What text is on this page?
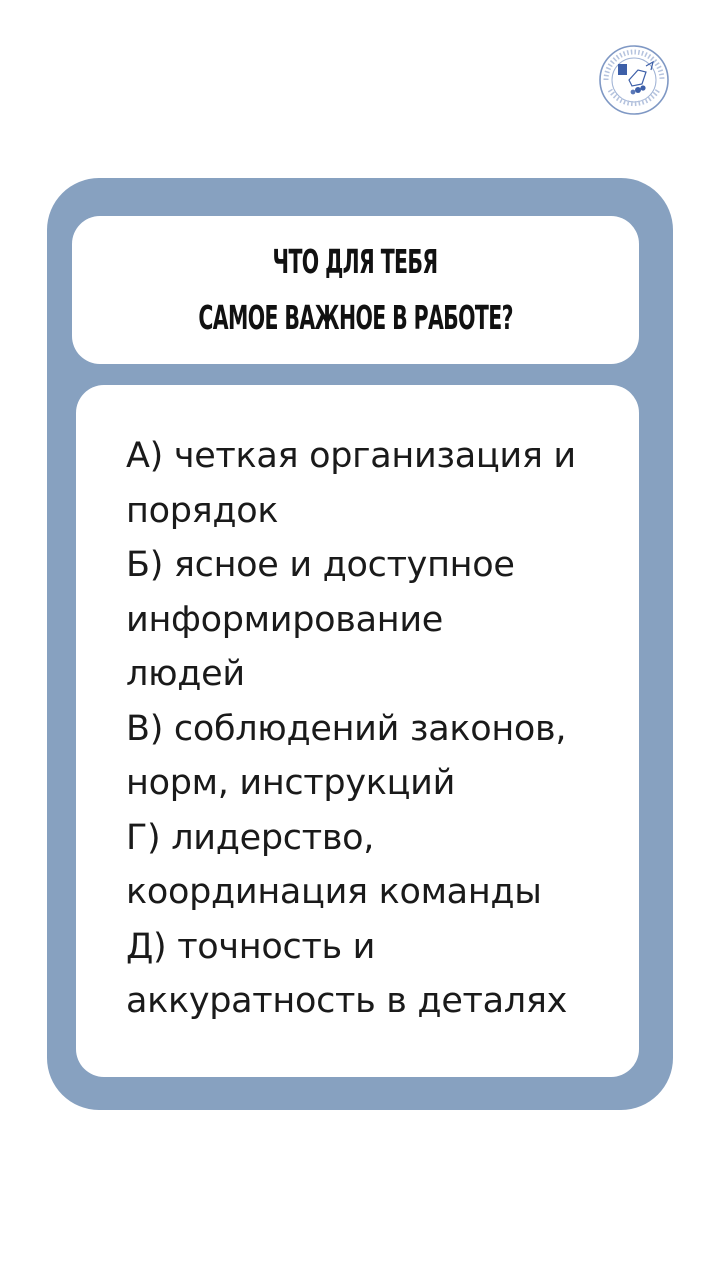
ЧТО ДЛЯ ТЕБЯ
САМОЕ ВАЖНОЕ В РАБОТЕ?
А) четкая организация и
порядок
Б) ясное и доступное
информирование
людей
В) соблюдений законов,
норм, инструкций
Г) лидерство,
координация команды
Д) точность и
аккуратность в деталях
